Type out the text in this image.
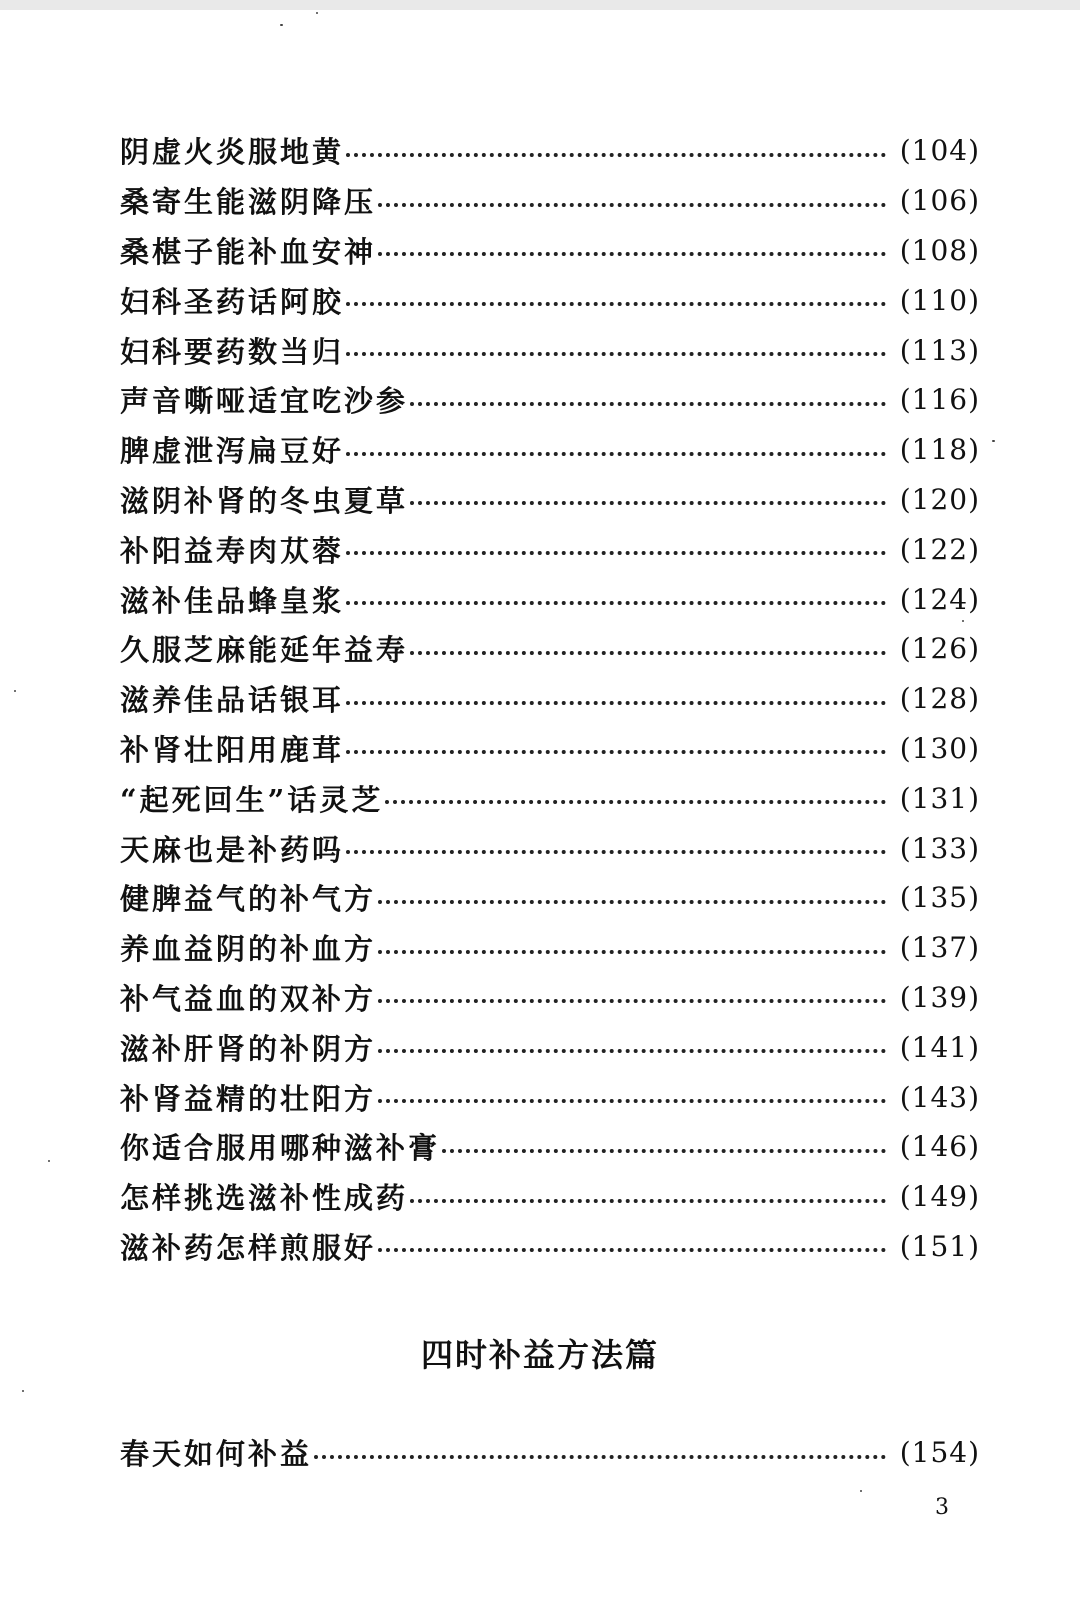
阴虚火炎服地黄	(104)
桑寄生能滋阴降压	(106)
桑椹子能补血安神	(108)
妇科圣药话阿胶	(110)
妇科要药数当归	(113)
声音嘶哑适宜吃沙参	(116)
脾虚泄泻扁豆好	(118)
滋阴补肾的冬虫夏草	(120)
补阳益寿肉苁蓉	(122)
滋补佳品蜂皇浆	(124)
久服芝麻能延年益寿	(126)
滋养佳品话银耳	(128)
补肾壮阳用鹿茸	(130)
“起死回生”话灵芝	(131)
天麻也是补药吗	(133)
健脾益气的补气方	(135)
养血益阴的补血方	(137)
补气益血的双补方	(139)
滋补肝肾的补阴方	(141)
补肾益精的壮阳方	(143)
你适合服用哪种滋补膏	(146)
怎样挑选滋补性成药	(149)
滋补药怎样煎服好	(151)
四时补益方法篇
春天如何补益	(154)
3
